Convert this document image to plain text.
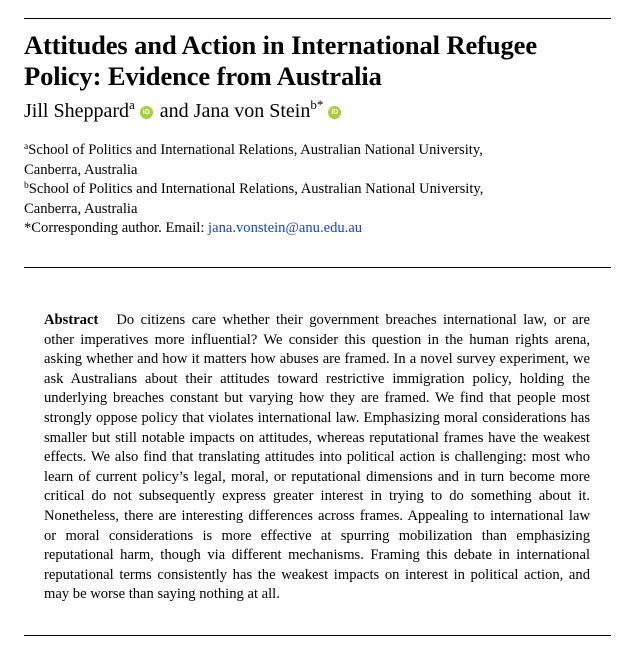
Attitudes and Action in International Refugee Policy: Evidence from Australia
Jill Sheppard$^a$iD and Jana von Stein$^{b*}$iD
$^a$School of Politics and International Relations, Australian National University,
Canberra, Australia
$^b$School of Politics and International Relations, Australian National University,
Canberra, Australia
*Corresponding author. Email: jana.vonstein@anu.edu.au

Abstract Do citizens care whether their government breaches international law, or are other imperatives more influential? We consider this question in the human rights arena, asking whether and how it matters how abuses are framed. In a novel survey experiment, we ask Australians about their attitudes toward restrictive immigration policy, holding the underlying breaches constant but varying how they are framed. We find that people most strongly oppose policy that violates international law. Emphasizing moral considerations has smaller but still notable impacts on attitudes, whereas reputational frames have the weakest effects. We also find that translating attitudes into political action is challenging: most who learn of current policy’s legal, moral, or reputational dimensions and in turn become more critical do not subsequently express greater interest in trying to do something about it. Nonetheless, there are interesting differences across frames. Appealing to international law or moral considerations is more effective at spurring mobilization than emphasizing reputational harm, though via different mechanisms. Framing this debate in international reputational terms consistently has the weakest impacts on interest in political action, and may be worse than saying nothing at all.
